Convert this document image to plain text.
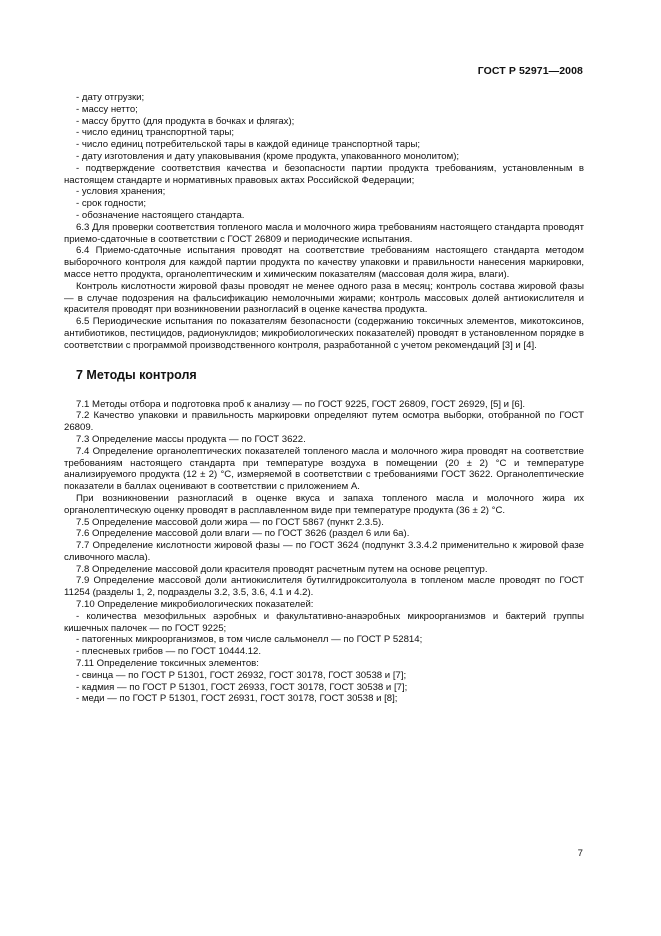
ГОСТ Р 52971—2008

- дату отгрузки;

- массу нетто;

- массу брутто (для продукта в бочках и флягах);

- число единиц транспортной тары;

- число единиц потребительской тары в каждой единице транспортной тары;

- дату изготовления и дату упаковывания (кроме продукта, упакованного монолитом);

- подтверждение соответствия качества и безопасности партии продукта требованиям, установленным в настоящем стандарте и нормативных правовых актах Российской Федерации;

- условия хранения;

- срок годности;

- обозначение настоящего стандарта.

6.3 Для проверки соответствия топленого масла и молочного жира требованиям настоящего стандарта проводят приемо-сдаточные в соответствии с ГОСТ 26809 и периодические испытания.

6.4 Приемо-сдаточные испытания проводят на соответствие требованиям настоящего стандарта методом выборочного контроля для каждой партии продукта по качеству упаковки и правильности нанесения маркировки, массе нетто продукта, органолептическим и химическим показателям (массовая доля жира, влаги).

Контроль кислотности жировой фазы проводят не менее одного раза в месяц; контроль состава жировой фазы — в случае подозрения на фальсификацию немолочными жирами; контроль массовых долей антиокислителя и красителя проводят при возникновении разногласий в оценке качества продукта.

6.5 Периодические испытания по показателям безопасности (содержанию токсичных элементов, микотоксинов, антибиотиков, пестицидов, радионуклидов; микробиологических показателей) проводят в установленном порядке в соответствии с программой производственного контроля, разработанной с учетом рекомендаций [3] и [4].

7 Методы контроля

7.1 Методы отбора и подготовка проб к анализу — по ГОСТ 9225, ГОСТ 26809, ГОСТ 26929, [5] и [6].

7.2 Качество упаковки и правильность маркировки определяют путем осмотра выборки, отобранной по ГОСТ 26809.

7.3 Определение массы продукта — по ГОСТ 3622.

7.4 Определение органолептических показателей топленого масла и молочного жира проводят на соответствие требованиям настоящего стандарта при температуре воздуха в помещении (20 ± 2) °С и температуре анализируемого продукта (12 ± 2) °С, измеряемой в соответствии с требованиями ГОСТ 3622. Органолептические показатели в баллах оценивают в соответствии с приложением А.

При возникновении разногласий в оценке вкуса и запаха топленого масла и молочного жира их органолептическую оценку проводят в расплавленном виде при температуре продукта (36 ± 2) °С.

7.5 Определение массовой доли жира — по ГОСТ 5867 (пункт 2.3.5).

7.6 Определение массовой доли влаги — по ГОСТ 3626 (раздел 6 или 6а).

7.7 Определение кислотности жировой фазы — по ГОСТ 3624 (подпункт 3.3.4.2 применительно к жировой фазе сливочного масла).

7.8 Определение массовой доли красителя проводят расчетным путем на основе рецептур.

7.9 Определение массовой доли антиокислителя бутилгидрокситолуола в топленом масле проводят по ГОСТ 11254 (разделы 1, 2, подразделы 3.2, 3.5, 3.6, 4.1 и 4.2).

7.10 Определение микробиологических показателей:

- количества мезофильных аэробных и факультативно-анаэробных микроорганизмов и бактерий группы кишечных палочек — по ГОСТ 9225;

- патогенных микроорганизмов, в том числе сальмонелл — по ГОСТ Р 52814;

- плесневых грибов — по ГОСТ 10444.12.

7.11 Определение токсичных элементов:

- свинца — по ГОСТ Р 51301, ГОСТ 26932, ГОСТ 30178, ГОСТ 30538 и [7];

- кадмия — по ГОСТ Р 51301, ГОСТ 26933, ГОСТ 30178, ГОСТ 30538 и [7];

- меди — по ГОСТ Р 51301, ГОСТ 26931, ГОСТ 30178, ГОСТ 30538 и [8];

7
